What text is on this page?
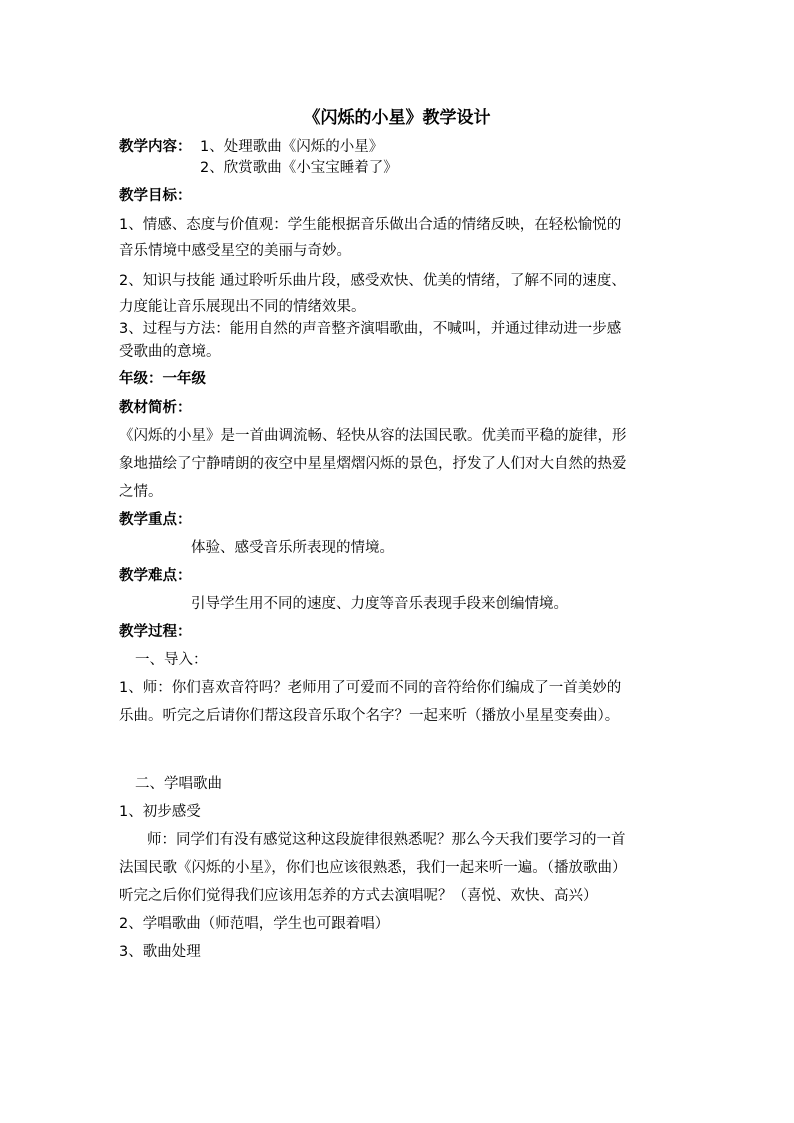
《闪烁的小星》教学设计

教学内容： 1、处理歌曲《闪烁的小星》

2、欣赏歌曲《小宝宝睡着了》

教学目标：

1、情感、态度与价值观：学生能根据音乐做出合适的情绪反映，在轻松愉悦的

音乐情境中感受星空的美丽与奇妙。

2、知识与技能 通过聆听乐曲片段，感受欢快、优美的情绪，了解不同的速度、

力度能让音乐展现出不同的情绪效果。

3、过程与方法：能用自然的声音整齐演唱歌曲，不喊叫，并通过律动进一步感

受歌曲的意境。

年级：一年级

教材简析：

《闪烁的小星》是一首曲调流畅、轻快从容的法国民歌。优美而平稳的旋律，形

象地描绘了宁静晴朗的夜空中星星熠熠闪烁的景色，抒发了人们对大自然的热爱

之情。

教学重点：

体验、感受音乐所表现的情境。

教学难点：

引导学生用不同的速度、力度等音乐表现手段来创编情境。

教学过程：

一、导入：

1、师：你们喜欢音符吗？老师用了可爱而不同的音符给你们编成了一首美妙的

乐曲。听完之后请你们帮这段音乐取个名字？一起来听（播放小星星变奏曲）。

二、学唱歌曲

1、初步感受

师：同学们有没有感觉这种这段旋律很熟悉呢？那么今天我们要学习的一首

法国民歌《闪烁的小星》，你们也应该很熟悉，我们一起来听一遍。（播放歌曲）

听完之后你们觉得我们应该用怎养的方式去演唱呢？（喜悦、欢快、高兴）

2、学唱歌曲（师范唱，学生也可跟着唱）

3、歌曲处理
